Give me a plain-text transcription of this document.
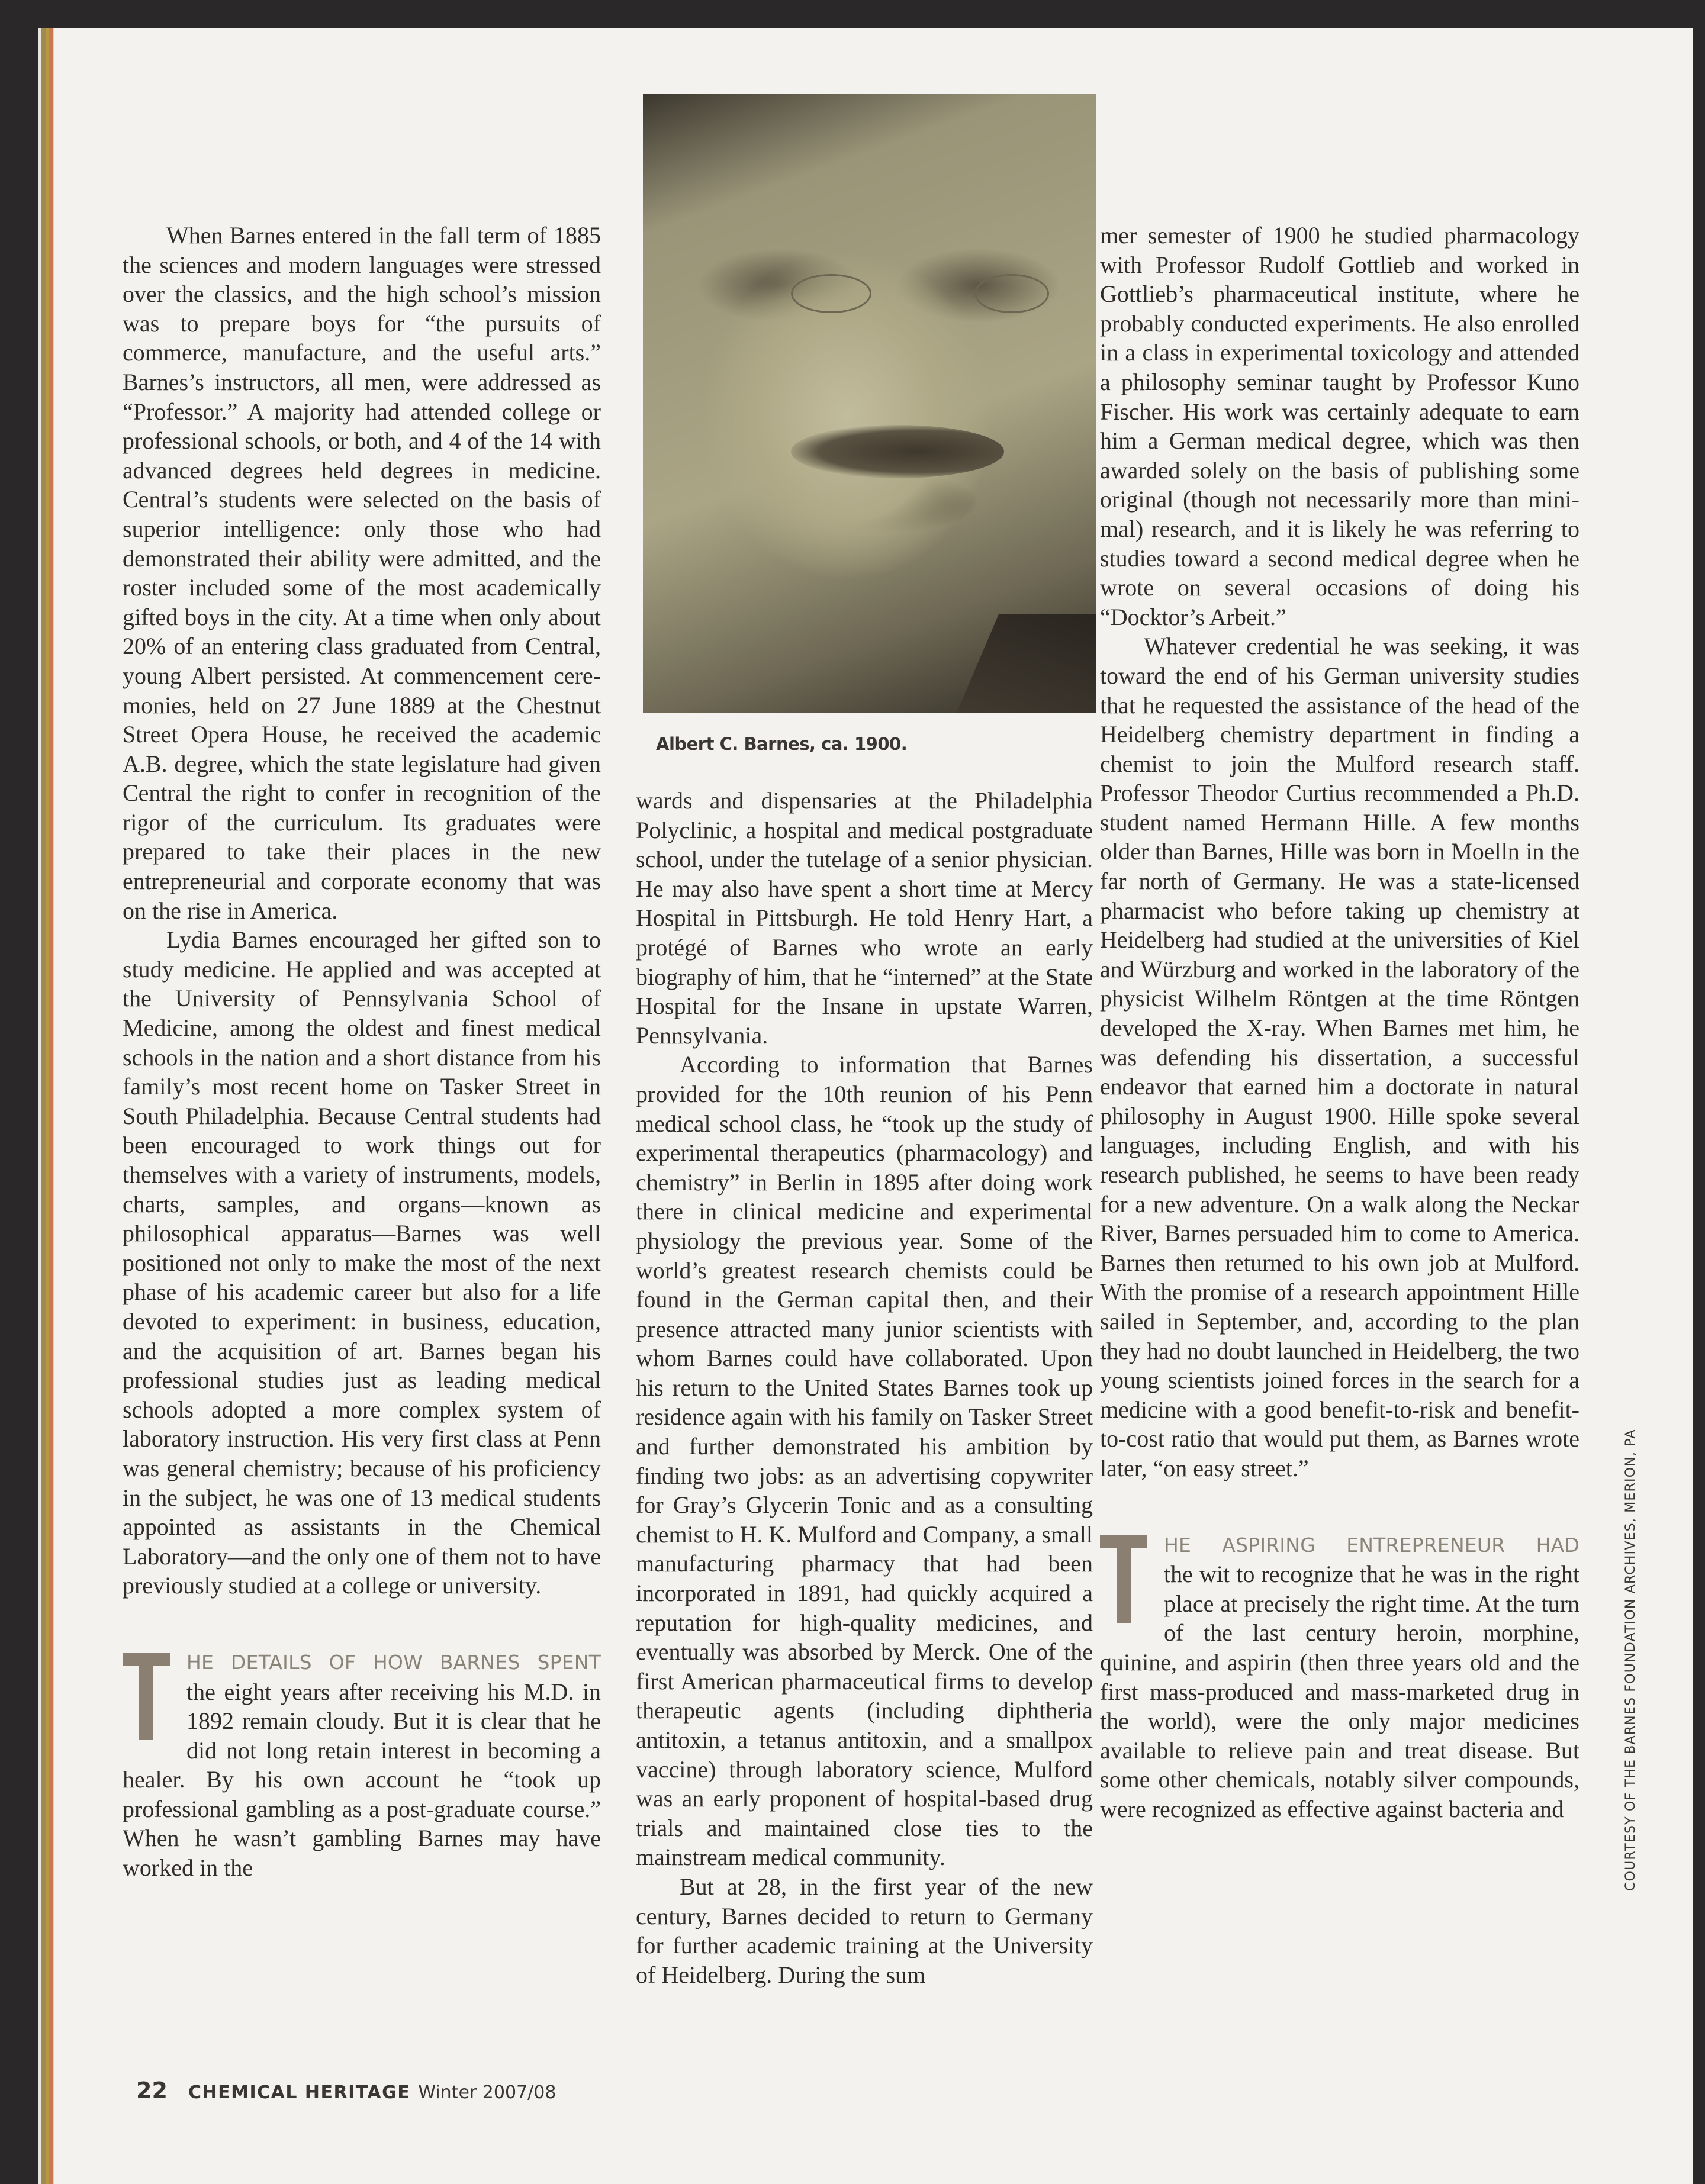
When Barnes entered in the fall term of 1885 the sciences and modern languages were stressed over the classics, and the high school’s mission was to prepare boys for “the pursuits of commerce, manufacture, and the useful arts.” Barnes’s instructors, all men, were addressed as “Professor.” A majority had attended college or professional schools, or both, and 4 of the 14 with advanced degrees held degrees in medicine. Central’s students were selected on the basis of superior intelligence: only those who had demonstrated their ability were admitted, and the roster included some of the most academically gifted boys in the city. At a time when only about 20% of an entering class graduated from Central, young Albert persisted. At commencement ceremonies, held on 27 June 1889 at the Chestnut Street Opera House, he received the academic A.B. degree, which the state legislature had given Central the right to confer in recognition of the rigor of the curriculum. Its graduates were prepared to take their places in the new entrepreneurial and corporate economy that was on the rise in America.

Lydia Barnes encouraged her gifted son to study medicine. He applied and was accepted at the University of Pennsylvania School of Medicine, among the oldest and finest medical schools in the nation and a short distance from his family’s most recent home on Tasker Street in South Philadelphia. Because Central students had been encouraged to work things out for themselves with a variety of instruments, models, charts, samples, and organs—known as philosophical apparatus—Barnes was well positioned not only to make the most of the next phase of his academic career but also for a life devoted to experiment: in business, education, and the acquisition of art. Barnes began his professional studies just as leading medical schools adopted a more complex system of laboratory instruction. His very first class at Penn was general chemistry; because of his proficiency in the subject, he was one of 13 medical students appointed as assistants in the Chemical Laboratory—and the only one of them not to have previously studied at a college or university.

HE DETAILS OF HOW BARNES SPENT
the eight years after receiving his M.D. in 1892 remain cloudy. But it is clear that he did not long retain interest in becoming a healer. By his own account he “took up professional gambling as a post-graduate course.” When he wasn’t gambling Barnes may have worked in the
Albert C. Barnes, ca. 1900.

wards and dispensaries at the Philadelphia Polyclinic, a hospital and medical postgraduate school, under the tutelage of a senior physician. He may also have spent a short time at Mercy Hospital in Pittsburgh. He told Henry Hart, a protégé of Barnes who wrote an early biography of him, that he “interned” at the State Hospital for the Insane in upstate Warren, Pennsylvania.

According to information that Barnes provided for the 10th reunion of his Penn medical school class, he “took up the study of experimental therapeutics (pharmacology) and chemistry” in Berlin in 1895 after doing work there in clinical medicine and experimental physiology the previous year. Some of the world’s greatest research chemists could be found in the German capital then, and their presence attracted many junior scientists with whom Barnes could have collaborated. Upon his return to the United States Barnes took up residence again with his family on Tasker Street and further demonstrated his ambition by finding two jobs: as an advertising copywriter for Gray’s Glycerin Tonic and as a consulting chemist to H. K. Mulford and Company, a small manufacturing pharmacy that had been incorporated in 1891, had quickly acquired a reputation for high-quality medicines, and eventually was absorbed by Merck. One of the first American pharmaceutical firms to develop therapeutic agents (including diphtheria antitoxin, a tetanus antitoxin, and a smallpox vaccine) through laboratory science, Mulford was an early proponent of hospital-based drug trials and maintained close ties to the mainstream medical community.

But at 28, in the first year of the new century, Barnes decided to return to Germany for further academic training at the University of Heidelberg. During the sum

mer semester of 1900 he studied pharmacology with Professor Rudolf Gottlieb and worked in Gottlieb’s pharmaceutical institute, where he probably conducted experiments. He also enrolled in a class in experimental toxicology and attended a philosophy seminar taught by Professor Kuno Fischer. His work was certainly adequate to earn him a German medical degree, which was then awarded solely on the basis of publishing some original (though not necessarily more than minimal) research, and it is likely he was referring to studies toward a second medical degree when he wrote on several occasions of doing his “Docktor’s Arbeit.”

Whatever credential he was seeking, it was toward the end of his German university studies that he requested the assistance of the head of the Heidelberg chemistry department in finding a chemist to join the Mulford research staff. Professor Theodor Curtius recommended a Ph.D. student named Hermann Hille. A few months older than Barnes, Hille was born in Moelln in the far north of Germany. He was a state-licensed pharmacist who before taking up chemistry at Heidelberg had studied at the universities of Kiel and Würzburg and worked in the laboratory of the physicist Wilhelm Röntgen at the time Röntgen developed the X-ray. When Barnes met him, he was defending his dissertation, a successful endeavor that earned him a doctorate in natural philosophy in August 1900. Hille spoke several languages, including English, and with his research published, he seems to have been ready for a new adventure. On a walk along the Neckar River, Barnes persuaded him to come to America. Barnes then returned to his own job at Mulford. With the promise of a research appointment Hille sailed in September, and, according to the plan they had no doubt launched in Heidelberg, the two young scientists joined forces in the search for a medicine with a good benefit-to-risk and benefit-to-cost ratio that would put them, as Barnes wrote later, “on easy street.”

HE ASPIRING ENTREPRENEUR HAD
the wit to recognize that he was in the right place at precisely the right time. At the turn of the last century heroin, morphine, quinine, and aspirin (then three years old and the first mass-produced and mass-marketed drug in the world), were the only major medicines available to relieve pain and treat disease. But some other chemicals, notably silver compounds, were recognized as effective against bacteria and
22 CHEMICAL HERITAGE Winter 2007/08
COURTESY OF THE BARNES FOUNDATION ARCHIVES, MERION, PA
